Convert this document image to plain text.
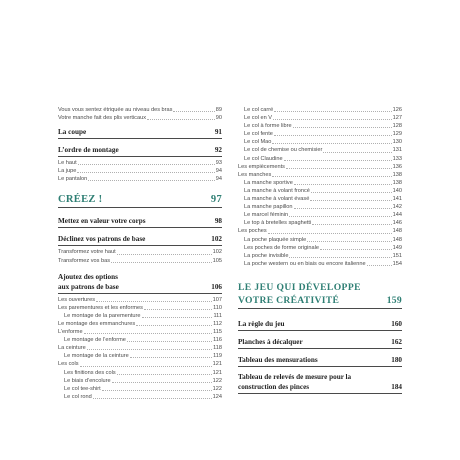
Vous vous sentez étriquée au niveau des bras	89
Votre manche fait des plis verticaux	90
La coupe	91
L’ordre de montage	92
Le haut	93
La jupe	94
Le pantalon	94
CRÉEZ !	97
Mettez en valeur votre corps	98
Déclinez vos patrons de base	102
Transformez votre haut	102
Transformez vos bas	105
Ajoutez des options
aux patrons de base	106
Les ouvertures	107
Les parementures et les enformes	110
Le montage de la parementure	111
Le montage des emmanchures	112
L’enforme	115
Le montage de l’enforme	116
La ceinture	118
Le montage de la ceinture	119
Les cols	121
Les finitions des cols	121
Le biais d’encolure	122
Le col tee-shirt	122
Le col rond	124
Le col carré	126
Le col en V	127
Le col à forme libre	128
Le col fente	129
Le col Mao	130
Le col de chemise ou chemisier	131
Le col Claudine	133
Les empiècements	136
Les manches	138
La manche sportive	138
La manche à volant froncé	140
La manche à volant évasé	141
La manche papillon	142
Le marcel féminin	144
Le top à bretelles spaghetti	146
Les poches	148
La poche plaquée simple	148
Les poches de forme originale	149
La poche invisible	151
La poche western ou en biais ou encore italienne	154
LE JEU QUI DÉVELOPPE
VOTRE CRÉATIVITÉ	159
La règle du jeu	160
Planches à décalquer	162
Tableau des mensurations	180
Tableau de relevés de mesure pour la
construction des pinces	184
